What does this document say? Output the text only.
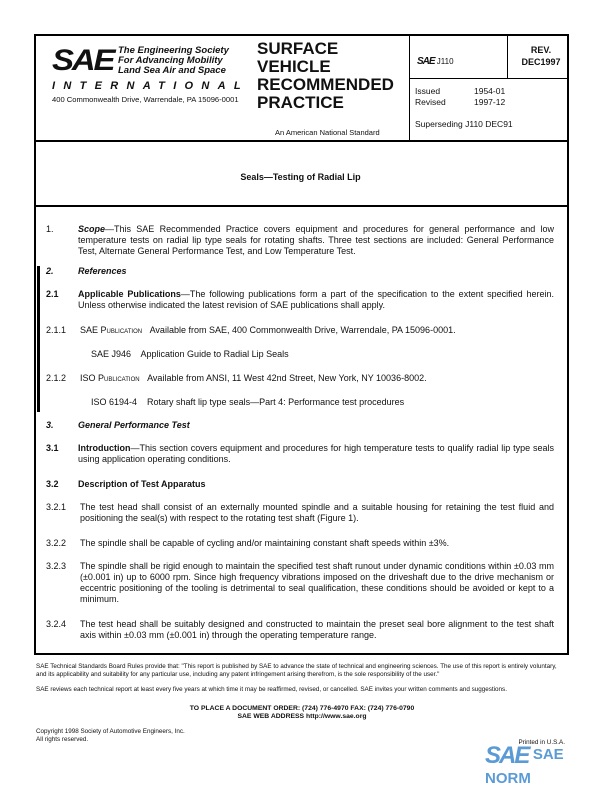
SAE The Engineering Society
For Advancing Mobility
Land Sea Air and Space
INTERNATIONAL
400 Commonwealth Drive, Warrendale, PA 15096-0001
SURFACE
VEHICLE
RECOMMENDED
PRACTICE
An American National Standard
SAE J110
REV.
DEC1997
Issued	1954-01
Revised	1997-12
Superseding J110 DEC91
Seals—Testing of Radial Lip
1.	Scope—This SAE Recommended Practice covers equipment and procedures for general performance and low temperature tests on radial lip type seals for rotating shafts. Three test sections are included: General Performance Test, Alternate General Performance Test, and Low Temperature Test.
2.	References
2.1 Applicable Publications—The following publications form a part of the specification to the extent specified herein. Unless otherwise indicated the latest revision of SAE publications shall apply.
2.1.1 SAE Publication Available from SAE, 400 Commonwealth Drive, Warrendale, PA 15096-0001.
SAE J946    Application Guide to Radial Lip Seals
2.1.2 ISO Publication Available from ANSI, 11 West 42nd Street, New York, NY 10036-8002.
ISO 6194-4    Rotary shaft lip type seals—Part 4: Performance test procedures
3.	General Performance Test
3.1 Introduction—This section covers equipment and procedures for high temperature tests to qualify radial lip type seals using application operating conditions.
3.2 Description of Test Apparatus
3.2.1 The test head shall consist of an externally mounted spindle and a suitable housing for retaining the test fluid and positioning the seal(s) with respect to the rotating test shaft (Figure 1).
3.2.2 The spindle shall be capable of cycling and/or maintaining constant shaft speeds within ±3%.
3.2.3 The spindle shall be rigid enough to maintain the specified test shaft runout under dynamic conditions within ±0.03 mm (±0.001 in) up to 6000 rpm. Since high frequency vibrations imposed on the driveshaft due to the drive mechanism or eccentric positioning of the tooling is detrimental to seal qualification, these conditions should be avoided or kept to a minimum.
3.2.4 The test head shall be suitably designed and constructed to maintain the preset seal bore alignment to the test shaft axis within ±0.03 mm (±0.001 in) through the operating temperature range.
SAE Technical Standards Board Rules provide that: "This report is published by SAE to advance the state of technical and engineering sciences. The use of this report is entirely voluntary, and its applicability and suitability for any particular use, including any patent infringement arising therefrom, is the sole responsibility of the user."
SAE reviews each technical report at least every five years at which time it may be reaffirmed, revised, or cancelled. SAE invites your written comments and suggestions.
TO PLACE A DOCUMENT ORDER: (724) 776-4970 FAX: (724) 776-0790
SAE WEB ADDRESS http://www.sae.org
Copyright 1998 Society of Automotive Engineers, Inc.
All rights reserved.	Printed in U.S.A.
SAE SAE NORM
